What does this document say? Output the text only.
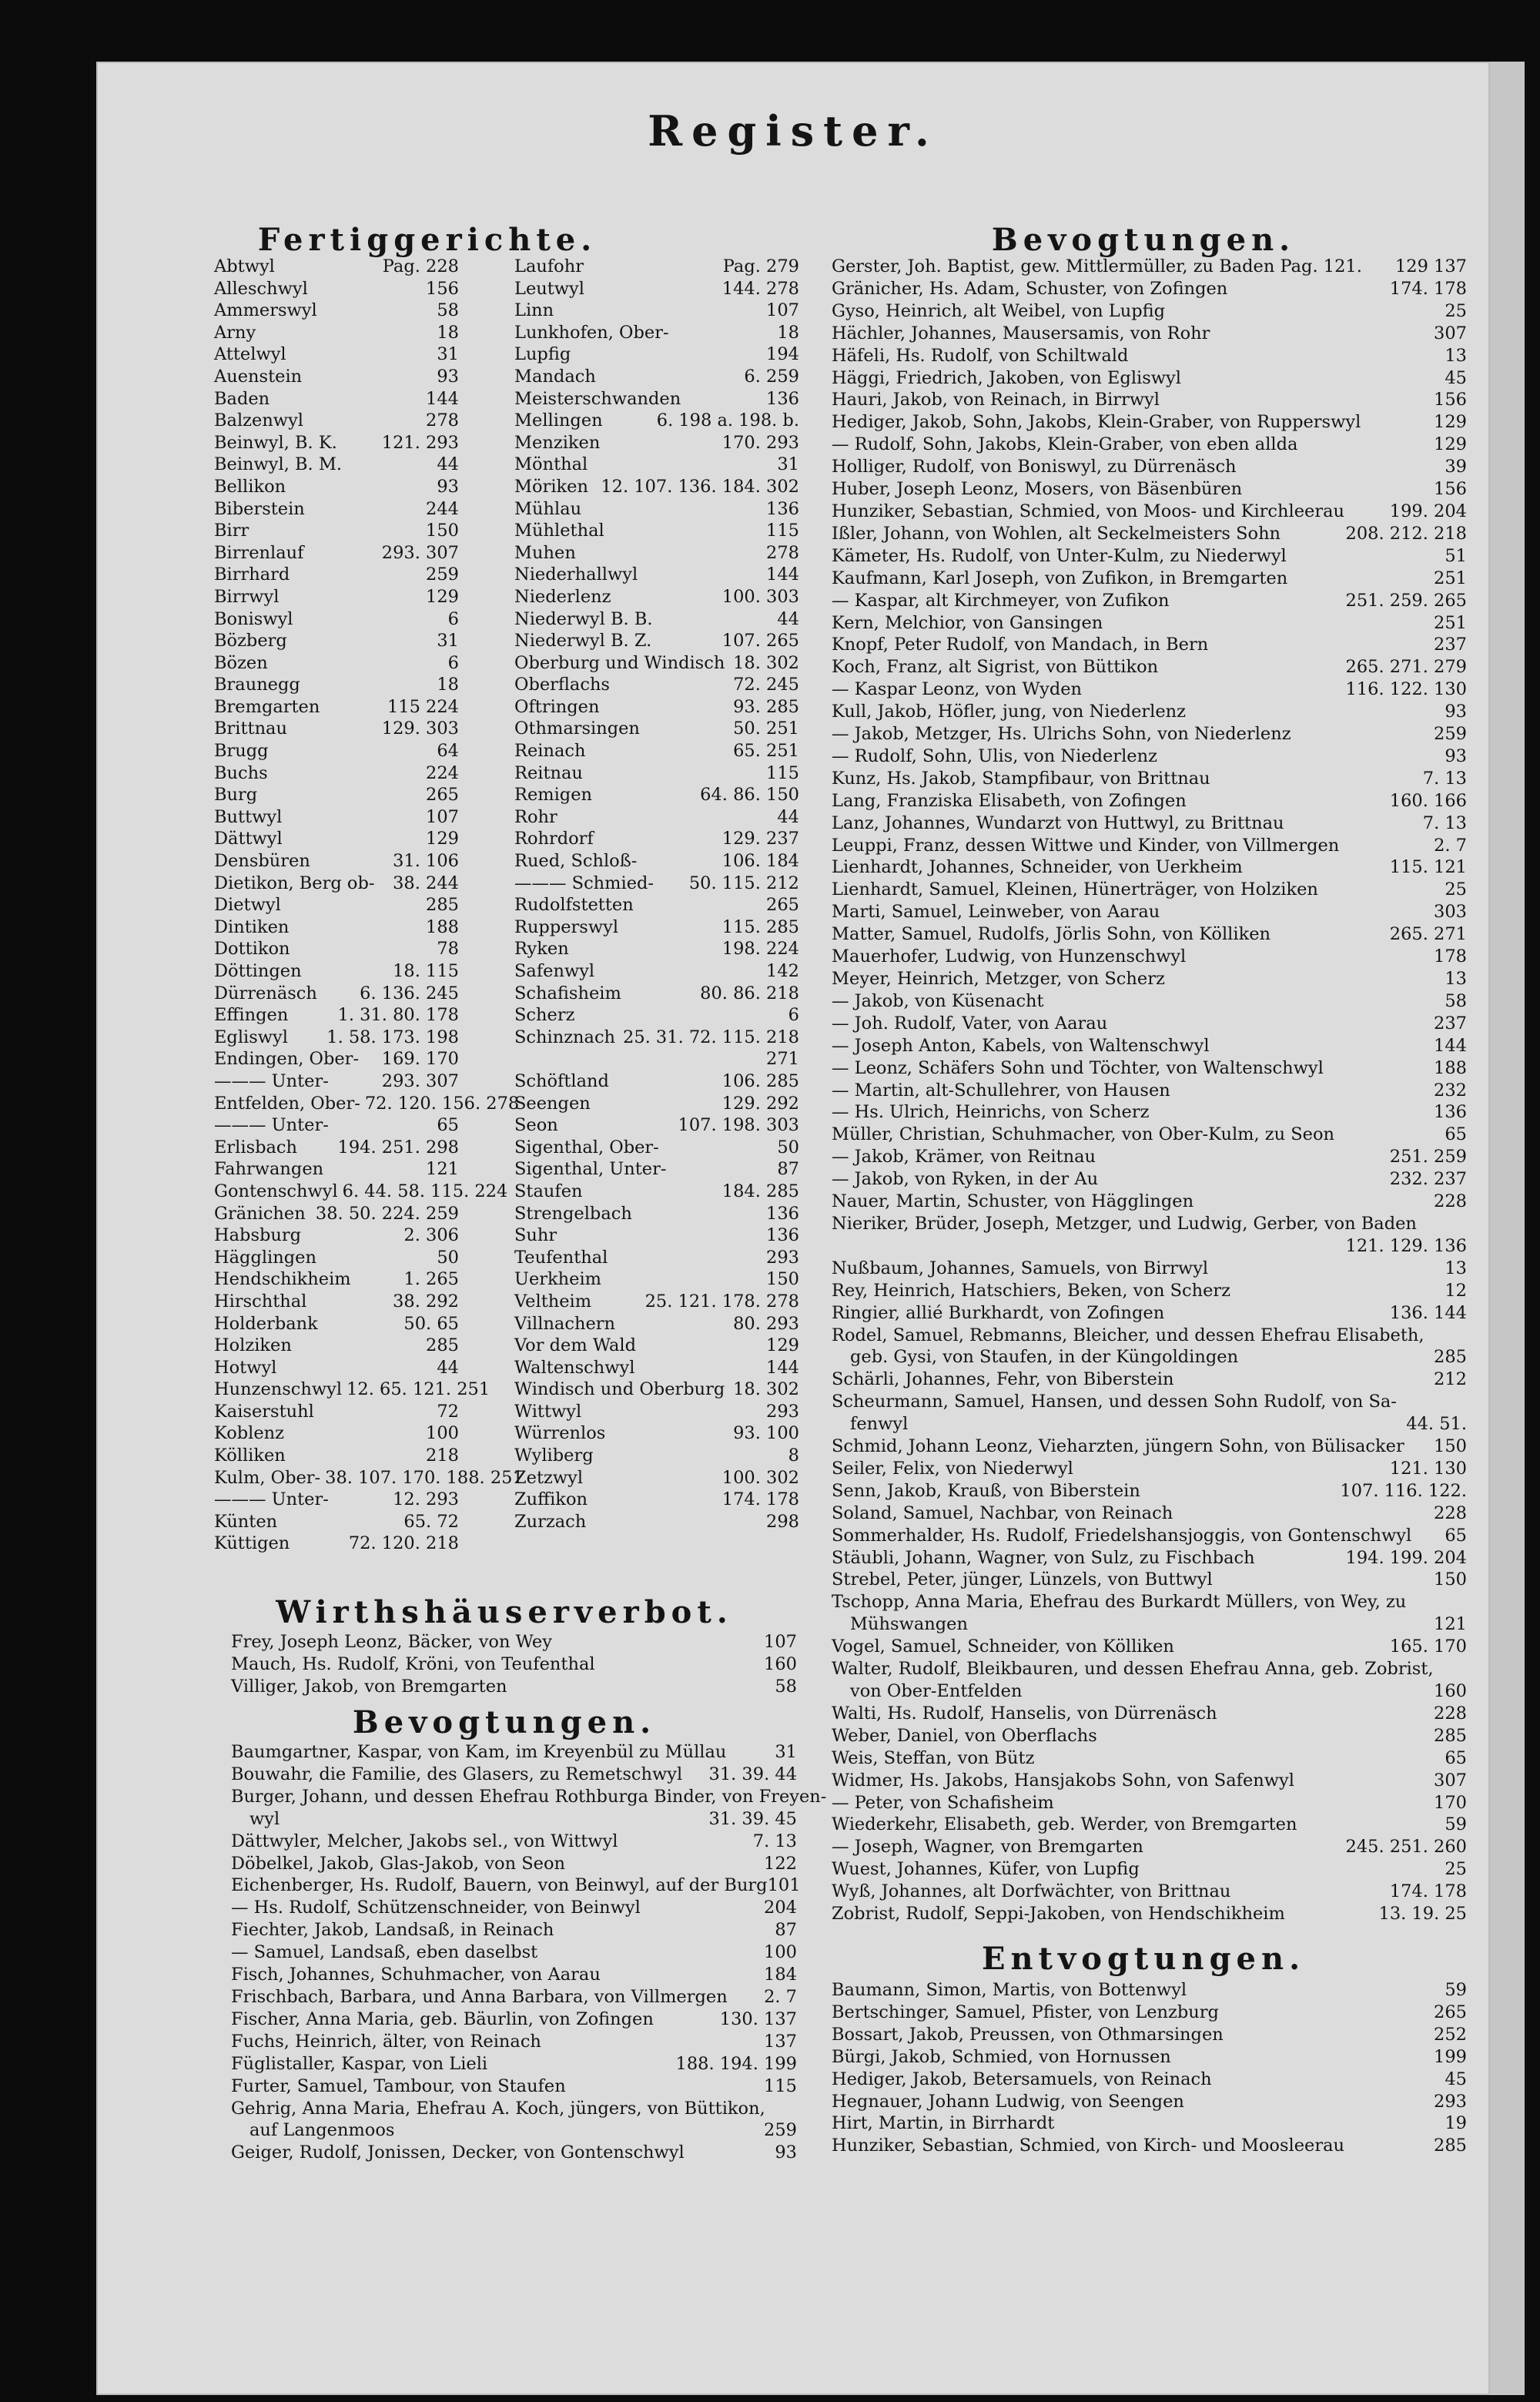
Register.
Fertiggerichte.
Abtwyl	Pag. 228
Alleschwyl	156
Ammerswyl	58
Arny	18
Attelwyl	31
Auenstein	93
Baden	144
Balzenwyl	278
Beinwyl, B. K.	121. 293
Beinwyl, B. M.	44
Bellikon	93
Biberstein	244
Birr	150
Birrenlauf	293. 307
Birrhard	259
Birrwyl	129
Boniswyl	6
Bözberg	31
Bözen	6
Braunegg	18
Bremgarten	115 224
Brittnau	129. 303
Brugg	64
Buchs	224
Burg	265
Buttwyl	107
Dättwyl	129
Densbüren	31. 106
Dietikon, Berg ob-	38. 244
Dietwyl	285
Dintiken	188
Dottikon	78
Döttingen	18. 115
Dürrenäsch	6. 136. 245
Effingen	1. 31. 80. 178
Egliswyl	1. 58. 173. 198
Endingen, Ober-	169. 170
——— Unter-	293. 307
Entfelden, Ober- 72. 120. 156. 278
——— Unter-	65
Erlisbach	194. 251. 298
Fahrwangen	121
Gontenschwyl 6. 44. 58. 115. 224
Gränichen 38. 50. 224. 259
Habsburg	2. 306
Hägglingen	50
Hendschikheim	1. 265
Hirschthal	38. 292
Holderbank	50. 65
Holziken	285
Hotwyl	44
Hunzenschwyl 12. 65. 121. 251
Kaiserstuhl	72
Koblenz	100
Kölliken	218
Kulm, Ober- 38. 107. 170. 188. 251
——— Unter-	12. 293
Künten	65. 72
Küttigen	72. 120. 218
Laufohr	Pag. 279
Leutwyl	144. 278
Linn	107
Lunkhofen, Ober-	18
Lupfig	194
Mandach	6. 259
Meisterschwanden	136
Mellingen	6. 198 a. 198. b.
Menziken	170. 293
Mönthal	31
Möriken 12. 107. 136. 184. 302
Mühlau	136
Mühlethal	115
Muhen	278
Niederhallwyl	144
Niederlenz	100. 303
Niederwyl B. B.	44
Niederwyl B. Z.	107. 265
Oberburg und Windisch 18. 302
Oberflachs	72. 245
Oftringen	93. 285
Othmarsingen	50. 251
Reinach	65. 251
Reitnau	115
Remigen	64. 86. 150
Rohr	44
Rohrdorf	129. 237
Rued, Schloß-	106. 184
——— Schmied-	50. 115. 212
Rudolfstetten	265
Rupperswyl	115. 285
Ryken	198. 224
Safenwyl	142
Schafisheim	80. 86. 218
Scherz	6
Schinznach 25. 31. 72. 115. 218
271
Schöftland	106. 285
Seengen	129. 292
Seon	107. 198. 303
Sigenthal, Ober-	50
Sigenthal, Unter-	87
Staufen	184. 285
Strengelbach	136
Suhr	136
Teufenthal	293
Uerkheim	150
Veltheim	25. 121. 178. 278
Villnachern	80. 293
Vor dem Wald	129
Waltenschwyl	144
Windisch und Oberburg 18. 302
Wittwyl	293
Würrenlos	93. 100
Wyliberg	8
Zetzwyl	100. 302
Zuffikon	174. 178
Zurzach	298
Wirthshäuserverbot.
Frey, Joseph Leonz, Bäcker, von Wey	107
Mauch, Hs. Rudolf, Kröni, von Teufenthal	160
Villiger, Jakob, von Bremgarten	58
Bevogtungen.
Baumgartner, Kaspar, von Kam, im Kreyenbül zu Müllau	31
Bouwahr, die Familie, des Glasers, zu Remetschwyl 31. 39. 44
Burger, Johann, und dessen Ehefrau Rothburga Binder, von Freyen-
wyl	31. 39. 45
Dättwyler, Melcher, Jakobs sel., von Wittwyl	7. 13
Döbelkel, Jakob, Glas-Jakob, von Seon	122
Eichenberger, Hs. Rudolf, Bauern, von Beinwyl, auf der Burg 101
— Hs. Rudolf, Schützenschneider, von Beinwyl	204
Fiechter, Jakob, Landsaß, in Reinach	87
— Samuel, Landsaß, eben daselbst	100
Fisch, Johannes, Schuhmacher, von Aarau	184
Frischbach, Barbara, und Anna Barbara, von Villmergen 2. 7
Fischer, Anna Maria, geb. Bäurlin, von Zofingen	130. 137
Fuchs, Heinrich, älter, von Reinach	137
Füglistaller, Kaspar, von Lieli	188. 194. 199
Furter, Samuel, Tambour, von Staufen	115
Gehrig, Anna Maria, Ehefrau A. Koch, jüngers, von Büttikon,
auf Langenmoos	259
Geiger, Rudolf, Jonissen, Decker, von Gontenschwyl	93
Bevogtungen.
Gerster, Joh. Baptist, gew. Mittlermüller, zu Baden Pag. 121. 129 137
Gränicher, Hs. Adam, Schuster, von Zofingen	174. 178
Gyso, Heinrich, alt Weibel, von Lupfig	25
Hächler, Johannes, Mausersamis, von Rohr	307
Häfeli, Hs. Rudolf, von Schiltwald	13
Häggi, Friedrich, Jakoben, von Egliswyl	45
Hauri, Jakob, von Reinach, in Birrwyl	156
Hediger, Jakob, Sohn, Jakobs, Klein-Graber, von Rupperswyl	129
— Rudolf, Sohn, Jakobs, Klein-Graber, von eben allda	129
Holliger, Rudolf, von Boniswyl, zu Dürrenäsch	39
Huber, Joseph Leonz, Mosers, von Bäsenbüren	156
Hunziker, Sebastian, Schmied, von Moos- und Kirchleerau	199. 204
Ißler, Johann, von Wohlen, alt Seckelmeisters Sohn	208. 212. 218
Kämeter, Hs. Rudolf, von Unter-Kulm, zu Niederwyl	51
Kaufmann, Karl Joseph, von Zufikon, in Bremgarten	251
— Kaspar, alt Kirchmeyer, von Zufikon	251. 259. 265
Kern, Melchior, von Gansingen	251
Knopf, Peter Rudolf, von Mandach, in Bern	237
Koch, Franz, alt Sigrist, von Büttikon	265. 271. 279
— Kaspar Leonz, von Wyden	116. 122. 130
Kull, Jakob, Höfler, jung, von Niederlenz	93
— Jakob, Metzger, Hs. Ulrichs Sohn, von Niederlenz	259
— Rudolf, Sohn, Ulis, von Niederlenz	93
Kunz, Hs. Jakob, Stampfibaur, von Brittnau	7. 13
Lang, Franziska Elisabeth, von Zofingen	160. 166
Lanz, Johannes, Wundarzt von Huttwyl, zu Brittnau	7. 13
Leuppi, Franz, dessen Wittwe und Kinder, von Villmergen	2. 7
Lienhardt, Johannes, Schneider, von Uerkheim	115. 121
Lienhardt, Samuel, Kleinen, Hünerträger, von Holziken	25
Marti, Samuel, Leinweber, von Aarau	303
Matter, Samuel, Rudolfs, Jörlis Sohn, von Kölliken	265. 271
Mauerhofer, Ludwig, von Hunzenschwyl	178
Meyer, Heinrich, Metzger, von Scherz	13
— Jakob, von Küsenacht	58
— Joh. Rudolf, Vater, von Aarau	237
— Joseph Anton, Kabels, von Waltenschwyl	144
— Leonz, Schäfers Sohn und Töchter, von Waltenschwyl	188
— Martin, alt-Schullehrer, von Hausen	232
— Hs. Ulrich, Heinrichs, von Scherz	136
Müller, Christian, Schuhmacher, von Ober-Kulm, zu Seon	65
— Jakob, Krämer, von Reitnau	251. 259
— Jakob, von Ryken, in der Au	232. 237
Nauer, Martin, Schuster, von Hägglingen	228
Nieriker, Brüder, Joseph, Metzger, und Ludwig, Gerber, von Baden
121. 129. 136
Nußbaum, Johannes, Samuels, von Birrwyl	13
Rey, Heinrich, Hatschiers, Beken, von Scherz	12
Ringier, allié Burkhardt, von Zofingen	136. 144
Rodel, Samuel, Rebmanns, Bleicher, und dessen Ehefrau Elisabeth,
geb. Gysi, von Staufen, in der Küngoldingen	285
Schärli, Johannes, Fehr, von Biberstein	212
Scheurmann, Samuel, Hansen, und dessen Sohn Rudolf, von Sa-
fenwyl	44. 51.
Schmid, Johann Leonz, Vieharzten, jüngern Sohn, von Bülisacker 150
Seiler, Felix, von Niederwyl	121. 130
Senn, Jakob, Krauß, von Biberstein	107. 116. 122.
Soland, Samuel, Nachbar, von Reinach	228
Sommerhalder, Hs. Rudolf, Friedelshansjoggis, von Gontenschwyl 65
Stäubli, Johann, Wagner, von Sulz, zu Fischbach	194. 199. 204
Strebel, Peter, jünger, Lünzels, von Buttwyl	150
Tschopp, Anna Maria, Ehefrau des Burkardt Müllers, von Wey, zu
Mühswangen	121
Vogel, Samuel, Schneider, von Kölliken	165. 170
Walter, Rudolf, Bleikbauren, und dessen Ehefrau Anna, geb. Zobrist,
von Ober-Entfelden	160
Walti, Hs. Rudolf, Hanselis, von Dürrenäsch	228
Weber, Daniel, von Oberflachs	285
Weis, Steffan, von Bütz	65
Widmer, Hs. Jakobs, Hansjakobs Sohn, von Safenwyl	307
— Peter, von Schafisheim	170
Wiederkehr, Elisabeth, geb. Werder, von Bremgarten	59
— Joseph, Wagner, von Bremgarten	245. 251. 260
Wuest, Johannes, Küfer, von Lupfig	25
Wyß, Johannes, alt Dorfwächter, von Brittnau	174. 178
Zobrist, Rudolf, Seppi-Jakoben, von Hendschikheim	13. 19. 25
Entvogtungen.
Baumann, Simon, Martis, von Bottenwyl	59
Bertschinger, Samuel, Pfister, von Lenzburg	265
Bossart, Jakob, Preussen, von Othmarsingen	252
Bürgi, Jakob, Schmied, von Hornussen	199
Hediger, Jakob, Betersamuels, von Reinach	45
Hegnauer, Johann Ludwig, von Seengen	293
Hirt, Martin, in Birrhardt	19
Hunziker, Sebastian, Schmied, von Kirch- und Moosleerau	285
